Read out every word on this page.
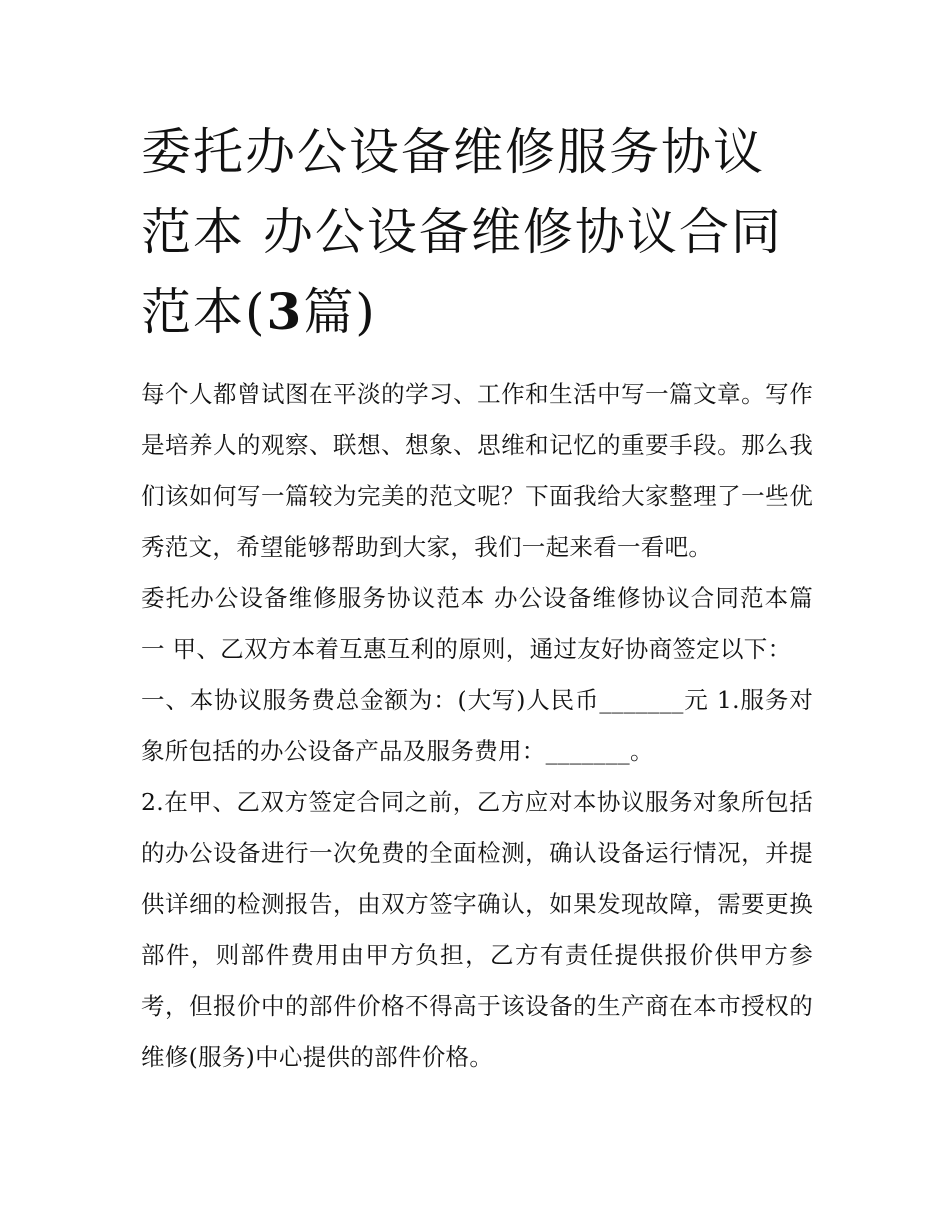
委托办公设备维修服务协议范本 办公设备维修协议合同范本(3篇)

每个人都曾试图在平淡的学习、工作和生活中写一篇文章。写作是培养人的观察、联想、想象、思维和记忆的重要手段。那么我们该如何写一篇较为完美的范文呢？下面我给大家整理了一些优秀范文，希望能够帮助到大家，我们一起来看一看吧。

委托办公设备维修服务协议范本 办公设备维修协议合同范本篇一 甲、乙双方本着互惠互利的原则，通过友好协商签定以下：

一、本协议服务费总金额为：(大写)人民币_______元 1.服务对象所包括的办公设备产品及服务费用：_______。

2.在甲、乙双方签定合同之前，乙方应对本协议服务对象所包括的办公设备进行一次免费的全面检测，确认设备运行情况，并提供详细的检测报告，由双方签字确认，如果发现故障，需要更换部件，则部件费用由甲方负担，乙方有责任提供报价供甲方参考，但报价中的部件价格不得高于该设备的生产商在本市授权的维修(服务)中心提供的部件价格。
